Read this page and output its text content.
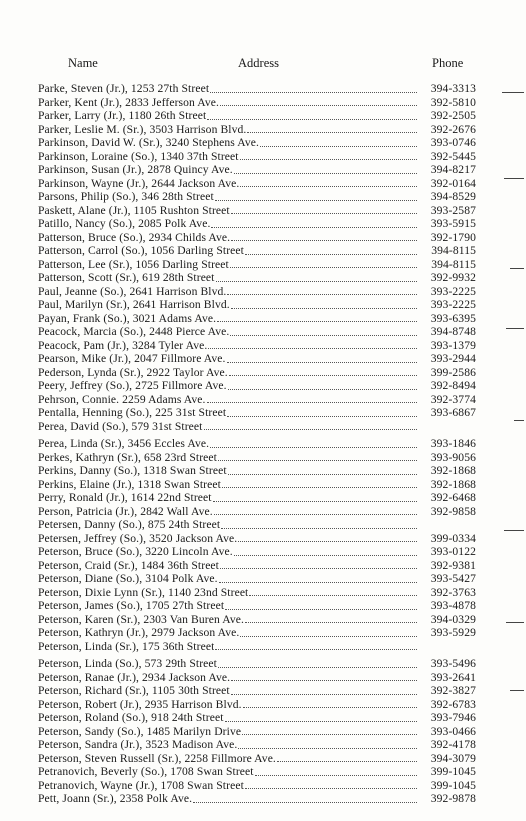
Name	Address	Phone
Parke, Steven (Jr.), 1253 27th Street	394-3313
Parker, Kent (Jr.), 2833 Jefferson Ave.	392-5810
Parker, Larry (Jr.), 1180 26th Street	392-2505
Parker, Leslie M. (Sr.), 3503 Harrison Blvd.	392-2676
Parkinson, David W. (Sr.), 3240 Stephens Ave.	393-0746
Parkinson, Loraine (So.), 1340 37th Street	392-5445
Parkinson, Susan (Jr.), 2878 Quincy Ave.	394-8217
Parkinson, Wayne (Jr.), 2644 Jackson Ave.	392-0164
Parsons, Philip (So.), 346 28th Street	394-8529
Paskett, Alane (Jr.), 1105 Rushton Street	393-2587
Patillo, Nancy (So.), 2085 Polk Ave.	393-5915
Patterson, Bruce (So.), 2934 Childs Ave.	392-1790
Patterson, Carrol (So.), 1056 Darling Street	394-8115
Patterson, Lee (Sr.), 1056 Darling Street	394-8115
Patterson, Scott (Sr.), 619 28th Street	392-9932
Paul, Jeanne (So.), 2641 Harrison Blvd.	393-2225
Paul, Marilyn (Sr.), 2641 Harrison Blvd.	393-2225
Payan, Frank (So.), 3021 Adams Ave.	393-6395
Peacock, Marcia (So.), 2448 Pierce Ave.	394-8748
Peacock, Pam (Jr.), 3284 Tyler Ave.	393-1379
Pearson, Mike (Jr.), 2047 Fillmore Ave.	393-2944
Pederson, Lynda (Sr.), 2922 Taylor Ave.	399-2586
Peery, Jeffrey (So.), 2725 Fillmore Ave.	392-8494
Pehrson, Connie. 2259 Adams Ave.	392-3774
Pentalla, Henning (So.), 225 31st Street	393-6867
Perea, David (So.), 579 31st Street
Perea, Linda (Sr.), 3456 Eccles Ave.	393-1846
Perkes, Kathryn (Sr.), 658 23rd Street	393-9056
Perkins, Danny (So.), 1318 Swan Street	392-1868
Perkins, Elaine (Jr.), 1318 Swan Street	392-1868
Perry, Ronald (Jr.), 1614 22nd Street	392-6468
Person, Patricia (Jr.), 2842 Wall Ave.	392-9858
Petersen, Danny (So.), 875 24th Street
Petersen, Jeffrey (So.), 3520 Jackson Ave.	399-0334
Peterson, Bruce (So.), 3220 Lincoln Ave.	393-0122
Peterson, Craid (Sr.), 1484 36th Street	392-9381
Peterson, Diane (So.), 3104 Polk Ave.	393-5427
Peterson, Dixie Lynn (Sr.), 1140 23nd Street	392-3763
Peterson, James (So.), 1705 27th Street	393-4878
Peterson, Karen (Sr.), 2303 Van Buren Ave.	394-0329
Peterson, Kathryn (Jr.), 2979 Jackson Ave.	393-5929
Peterson, Linda (Sr.), 175 36th Street
Peterson, Linda (So.), 573 29th Street	393-5496
Peterson, Ranae (Jr.), 2934 Jackson Ave.	393-2641
Peterson, Richard (Sr.), 1105 30th Street	392-3827
Peterson, Robert (Jr.), 2935 Harrison Blvd.	392-6783
Peterson, Roland (So.), 918 24th Street	393-7946
Peterson, Sandy (So.), 1485 Marilyn Drive	393-0466
Peterson, Sandra (Jr.), 3523 Madison Ave.	392-4178
Peterson, Steven Russell (Sr.), 2258 Fillmore Ave.	394-3079
Petranovich, Beverly (So.), 1708 Swan Street	399-1045
Petranovich, Wayne (Jr.), 1708 Swan Street	399-1045
Pett, Joann (Sr.), 2358 Polk Ave.	392-9878
